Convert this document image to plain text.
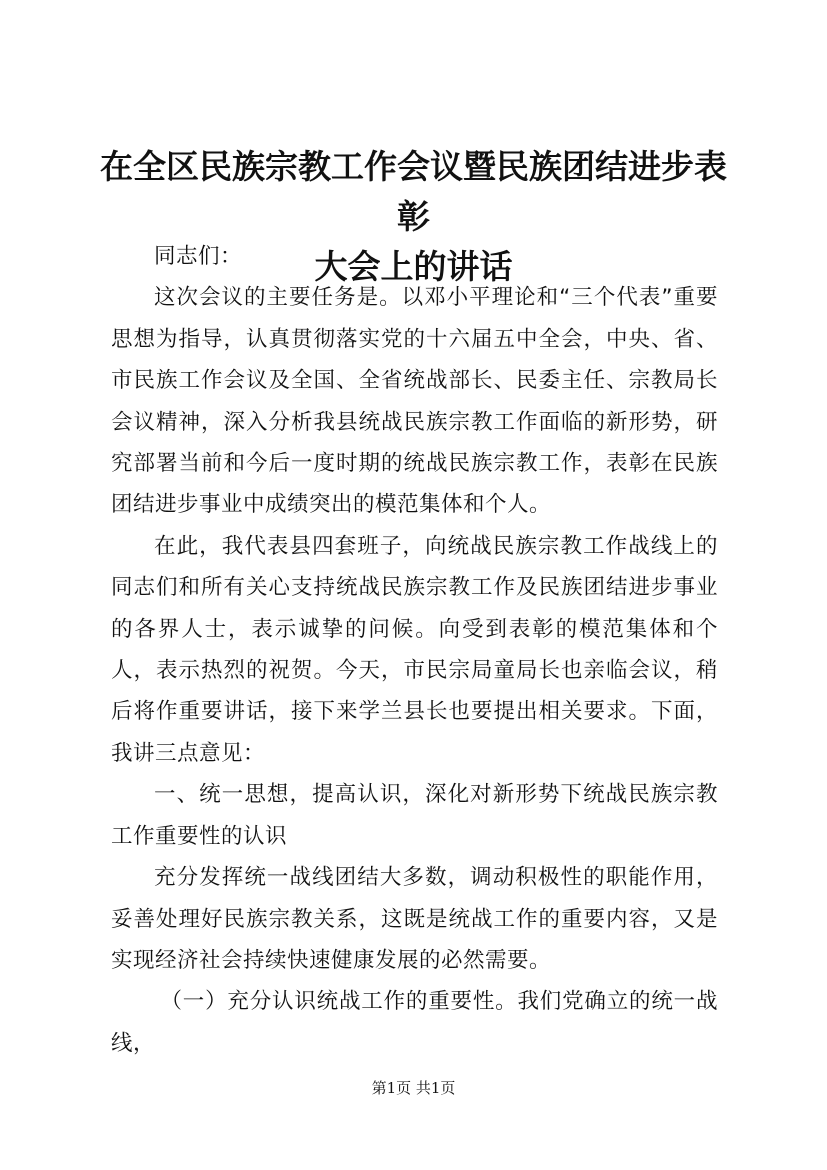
在全区民族宗教工作会议暨民族团结进步表彰
大会上的讲话

同志们：

这次会议的主要任务是。以邓小平理论和“三个代表”重要思想为指导，认真贯彻落实党的十六届五中全会，中央、省、市民族工作会议及全国、全省统战部长、民委主任、宗教局长会议精神，深入分析我县统战民族宗教工作面临的新形势，研究部署当前和今后一度时期的统战民族宗教工作，表彰在民族团结进步事业中成绩突出的模范集体和个人。

在此，我代表县四套班子，向统战民族宗教工作战线上的同志们和所有关心支持统战民族宗教工作及民族团结进步事业的各界人士，表示诚挚的问候。向受到表彰的模范集体和个人，表示热烈的祝贺。今天，市民宗局童局长也亲临会议，稍后将作重要讲话，接下来学兰县长也要提出相关要求。下面，我讲三点意见：

一、统一思想，提高认识，深化对新形势下统战民族宗教工作重要性的认识

充分发挥统一战线团结大多数，调动积极性的职能作用，妥善处理好民族宗教关系，这既是统战工作的重要内容，又是实现经济社会持续快速健康发展的必然需要。

（一）充分认识统战工作的重要性。我们党确立的统一战线，

第1页 共1页
